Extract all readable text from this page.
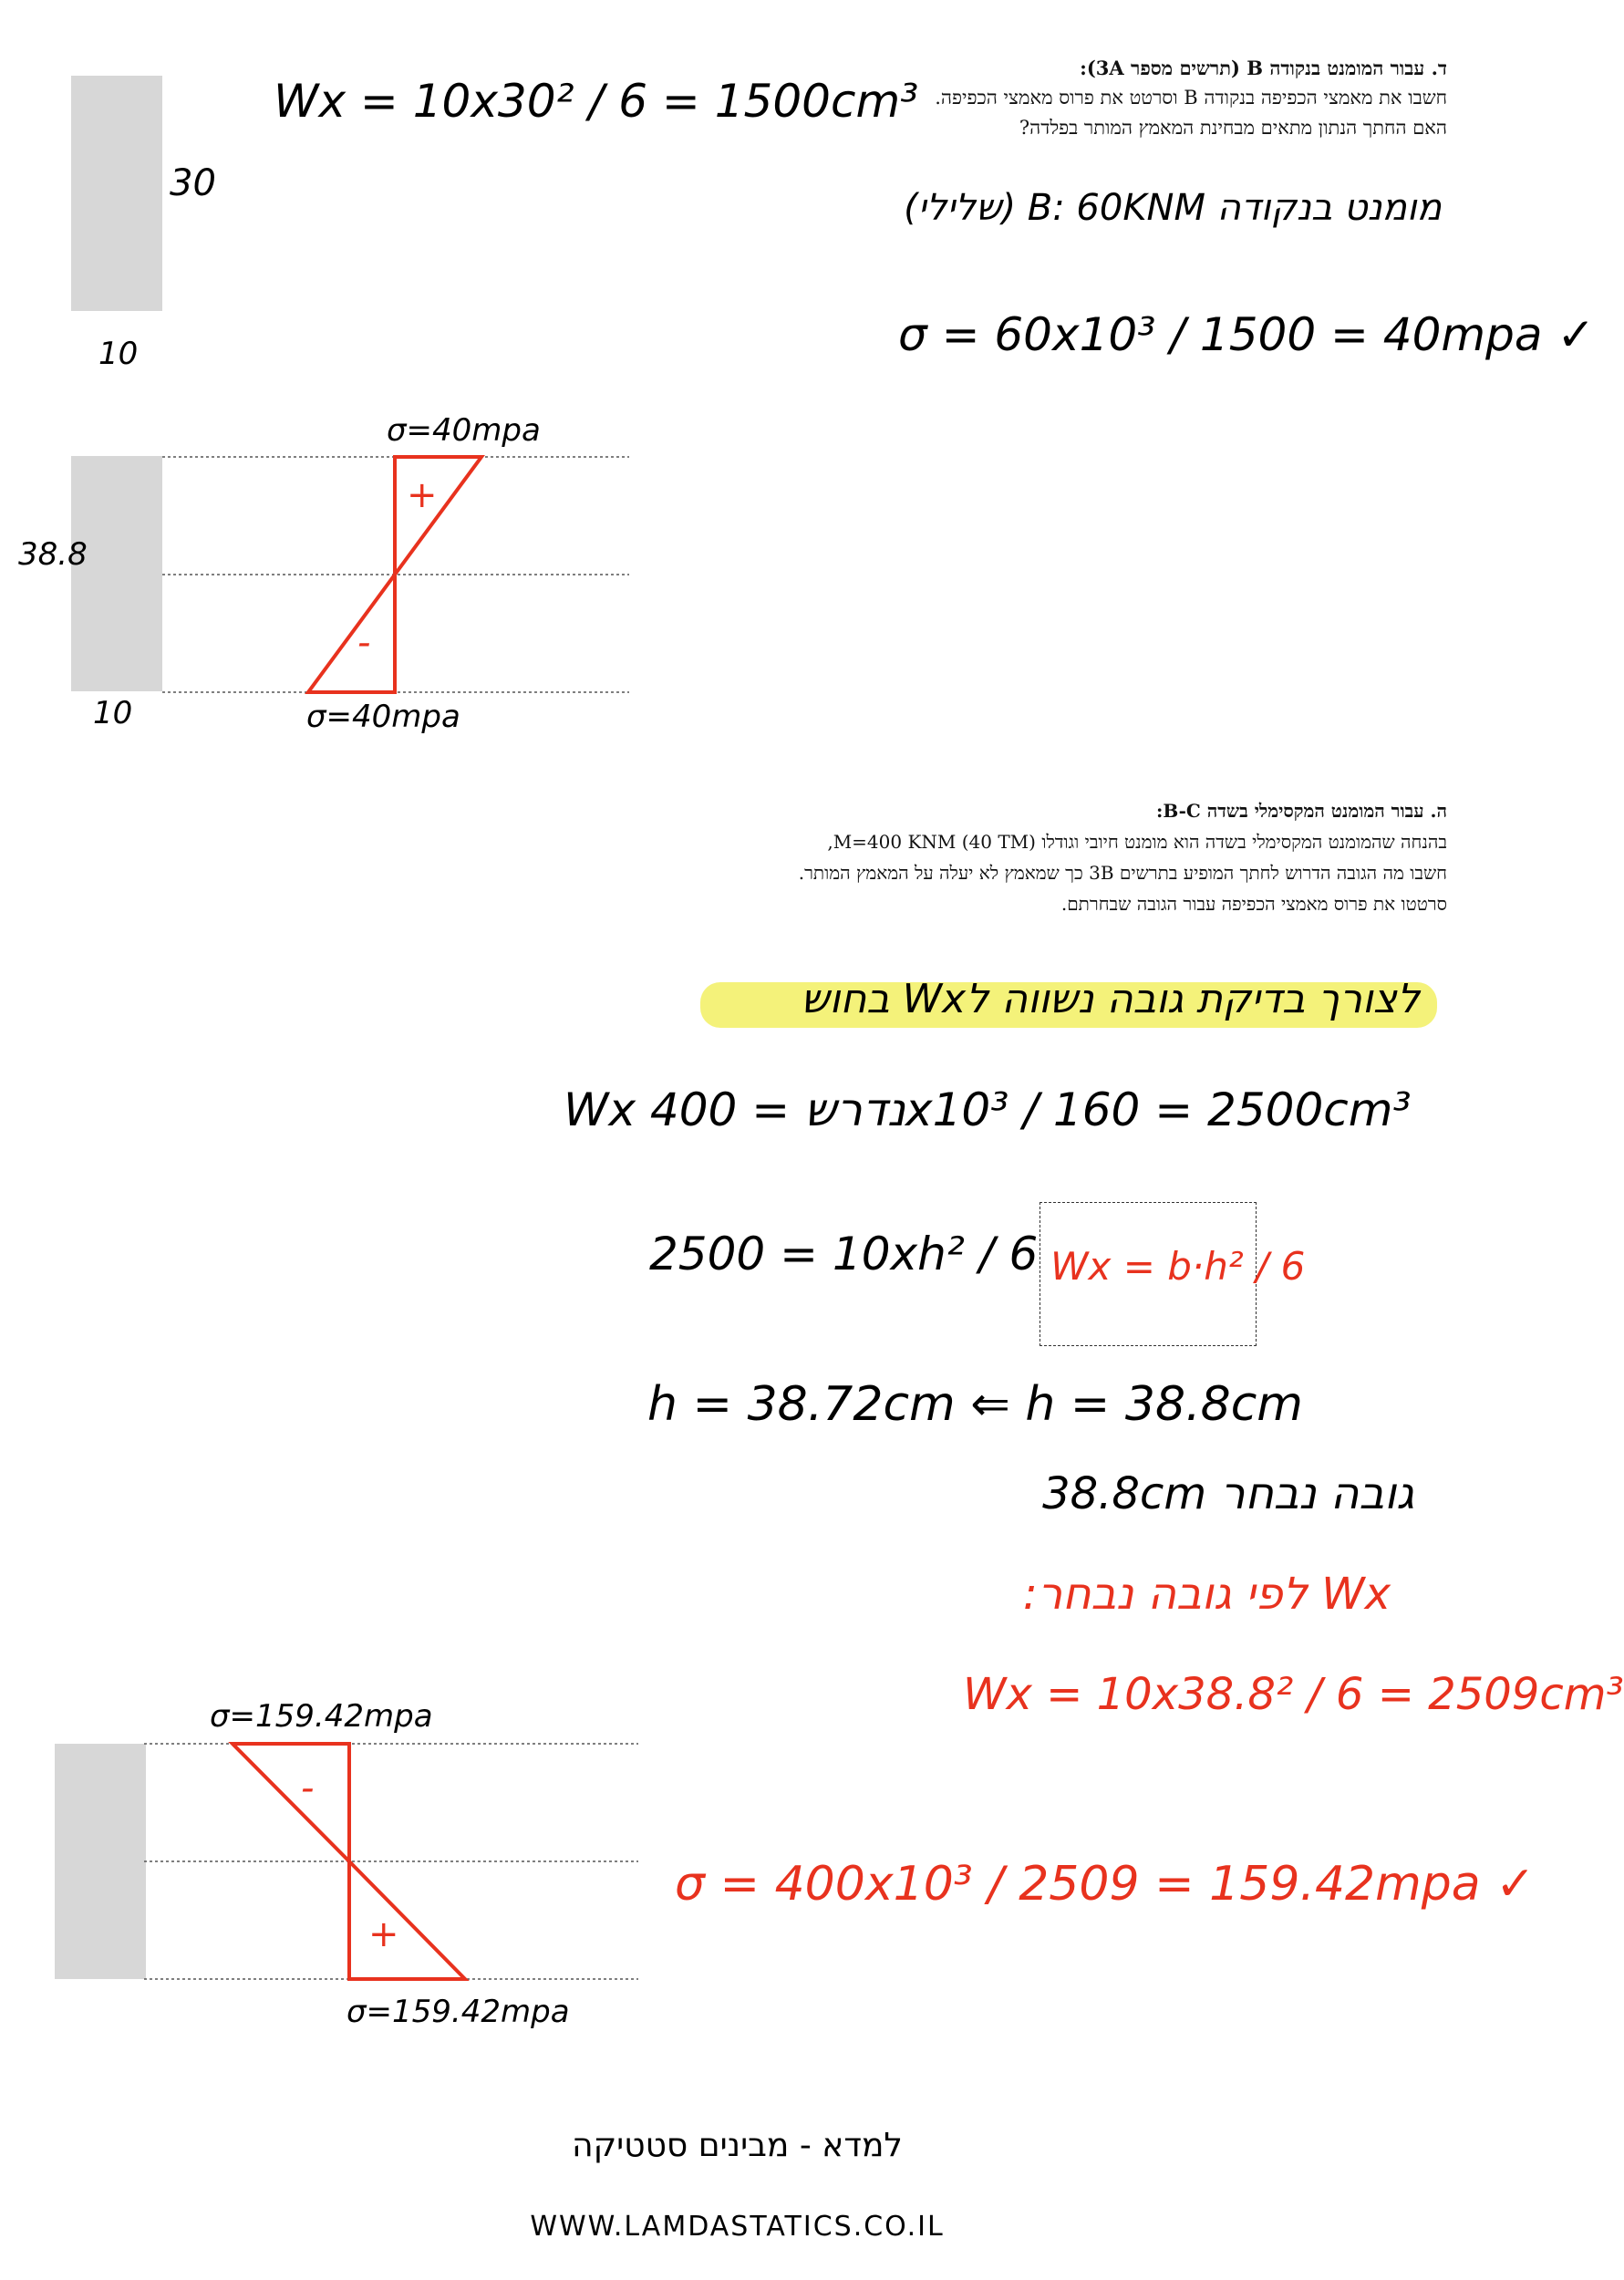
ד. עבור המומנט בנקודה B (תרשים מספר 3A):
חשבו את מאמצי הכפיפה בנקודה B וסרטט את פרוס מאמצי הכפיפה.
האם החתך הנתון מתאים מבחינת המאמץ המותר בפלדה?
30
10
Wx = 10x30² / 6 = 1500cm³
מומנט בנקודה B: 60KNM (שלילי)
σ = 60x10³ / 1500 = 40mpa ✓
+
-
σ=40mpa
σ=40mpa
38.8
10
ה. עבור המומנט המקסימלי בשדה B-C:
בהנחה שהמומנט המקסימלי בשדה הוא מומנט חיובי וגודלו M=400 KNM (40 TM),
חשבו מה הגובה הדרוש לחתך המופיע בתרשים 3B כך שמאמץ לא יעלה על המאמץ המותר.
סרטטו את פרוס מאמצי הכפיפה עבור הגובה שבחרתם.
לצורך בדיקת גובה נשווה לWx בחוש
Wx נדרש = 400x10³ / 160 = 2500cm³
2500 = 10xh² / 6 Wx = b·h² / 6
h = 38.72cm ⇐ h = 38.8cm
גובה נבחר 38.8cm
Wx לפי גובה נבחר:
Wx = 10x38.8² / 6 = 2509cm³
σ = 400x10³ / 2509 = 159.42mpa ✓
-
+
σ=159.42mpa
σ=159.42mpa
למדא - מבינים סטטיקה
WWW.LAMDASTATICS.CO.IL
